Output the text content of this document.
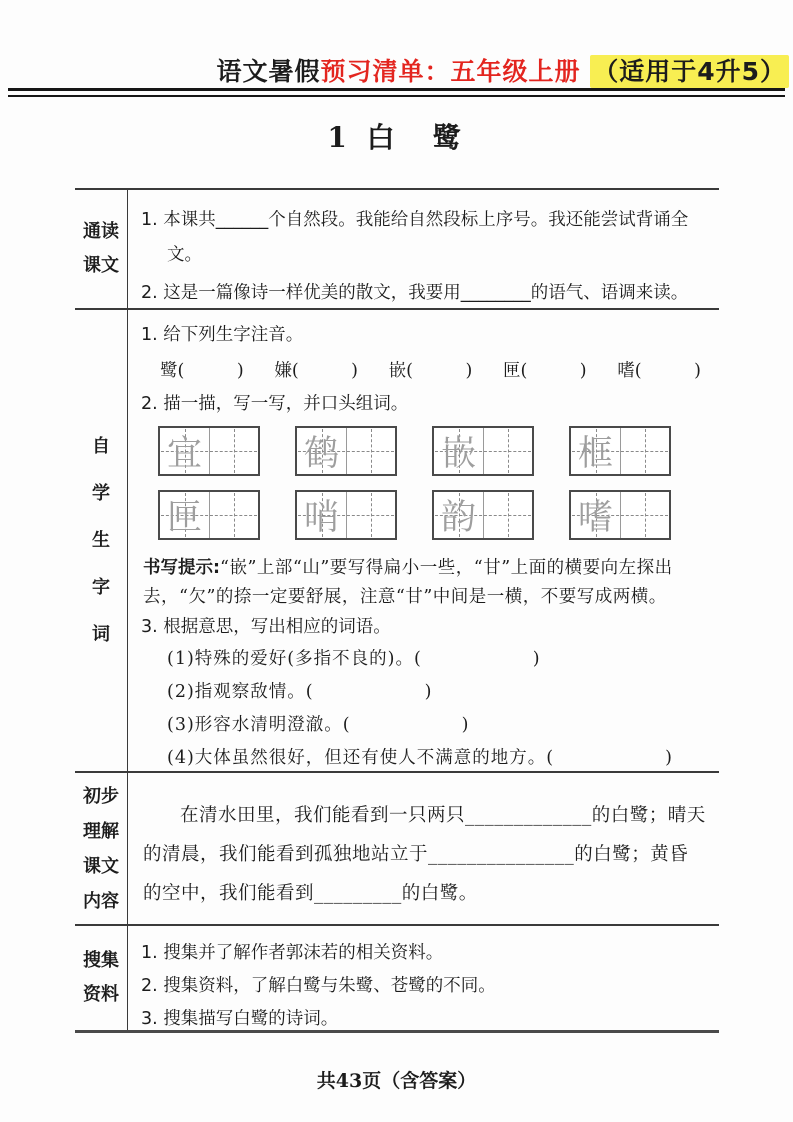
语文暑假预习清单：五年级上册 （适用于4升5）
1 白　鹭
通读
课文

1. 本课共______个自然段。我能给自然段标上序号。我还能尝试背诵全文。

2. 这是一篇像诗一样优美的散文，我要用________的语气、语调来读。

自
学
生
字
词

1. 给下列生字注音。

鹭(　　　) 嫌(　　　) 嵌(　　　) 匣(　　　) 嗜(　　　)

2. 描一描，写一写，并口头组词。

宜	鹤	嵌	框
匣	哨	韵	嗜

书写提示:“嵌”上部“山”要写得扁小一些，“甘”上面的横要向左探出去，“欠”的捺一定要舒展，注意“甘”中间是一横，不要写成两横。

3. 根据意思，写出相应的词语。

(1)特殊的爱好(多指不良的)。(　　　　　　)

(2)指观察敌情。(　　　　　　)

(3)形容水清明澄澈。(　　　　　　)

(4)大体虽然很好，但还有使人不满意的地方。(　　　　　　)

初步
理解
课文
内容

在清水田里，我们能看到一只两只_____________的白鹭；晴天的清晨，我们能看到孤独地站立于_______________的白鹭；黄昏的空中，我们能看到_________的白鹭。

搜集
资料

1. 搜集并了解作者郭沫若的相关资料。

2. 搜集资料，了解白鹭与朱鹭、苍鹭的不同。

3. 搜集描写白鹭的诗词。

共43页（含答案）
